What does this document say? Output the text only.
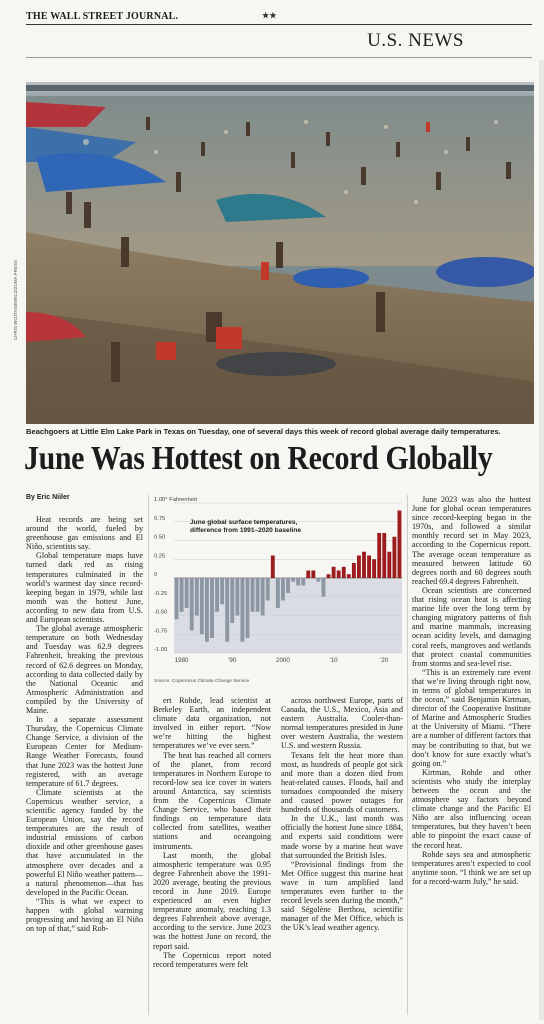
THE WALL STREET JOURNAL.	★★
U.S. NEWS
CHRIS WOJTANIEWICZ/ZUMA PRESS
Beachgoers at Little Elm Lake Park in Texas on Tuesday, one of several days this week of record global average daily temperatures.
June Was Hottest on Record Globally
By Eric Niiler

Heat records are being set around the world, fueled by greenhouse gas emissions and El Niño, scientists say.

Global temperature maps have turned dark red as rising temperatures culminated in the world’s warmest day since record-keeping began in 1979, while last month was the hottest June, according to new data from U.S. and European scientists.

The global average atmospheric temperature on both Wednesday and Tuesday was 62.9 degrees Fahrenheit, breaking the previous record of 62.6 degrees on Monday, according to data collected daily by the National Oceanic and Atmospheric Administration and compiled by the University of Maine.

In a separate assessment Thursday, the Copernicus Climate Change Service, a division of the European Center for Medium-Range Weather Forecasts, found that June 2023 was the hottest June registered, with an average temperature of 61.7 degrees.

Climate scientists at the Copernicus weather service, a scientific agency funded by the European Union, say the record temperatures are the result of industrial emissions of carbon dioxide and other greenhouse gases that have accumulated in the atmosphere over decades and a powerful El Niño weather pattern—a natural phenomenon—that has developed in the Pacific Ocean.

“This is what we expect to happen with global warming progressing and having an El Niño on top of that,” said Rob-

1.00° Fahrenheit
0.75
0.50
0.25
0
-0.25
-0.50
-0.75
-1.00
1980	'90	2000	'10	'20
June global surface temperatures,
difference from 1991–2020 baseline
Source: Copernicus Climate Change Service

ert Rohde, lead scientist at Berkeley Earth, an independent climate data organization, not involved in either report. “Now we’re hitting the highest temperatures we’ve ever seen.”

The heat has reached all corners of the planet, from record temperatures in Northern Europe to record-low sea ice cover in waters around Antarctica, say scientists from the Copernicus Climate Change Service, who based their findings on temperature data collected from satellites, weather stations and oceangoing instruments.

Last month, the global atmospheric temperature was 0.95 degree Fahrenheit above the 1991-2020 average, beating the previous record in June 2019. Europe experienced an even higher temperature anomaly, reaching 1.3 degrees Fahrenheit above average, according to the service. June 2023 was the hottest June on record, the report said.

The Copernicus report noted record temperatures were felt

across northwest Europe, parts of Canada, the U.S., Mexico, Asia and eastern Australia. Cooler-than-normal temperatures presided in June over western Australia, the western U.S. and western Russia.

Texans felt the heat more than most, as hundreds of people got sick and more than a dozen died from heat-related causes. Floods, hail and tornadoes compounded the misery and caused power outages for hundreds of thousands of customers.

In the U.K., last month was officially the hottest June since 1884, and experts said conditions were made worse by a marine heat wave that surrounded the British Isles.

“Provisional findings from the Met Office suggest this marine heat wave in turn amplified land temperatures even further to the record levels seen during the month,” said Ségolène Berthou, scientific manager of the Met Office, which is the UK’s lead weather agency.

June 2023 was also the hottest June for global ocean temperatures since record-keeping began in the 1970s, and followed a similar monthly record set in May 2023, according to the Copernicus report. The average ocean temperature as measured between latitude 60 degrees north and 60 degrees south reached 69.4 degrees Fahrenheit.

Ocean scientists are concerned that rising ocean heat is affecting marine life over the long term by changing migratory patterns of fish and marine mammals, increasing ocean acidity levels, and damaging coral reefs, mangroves and wetlands that protect coastal communities from storms and sea-level rise.

“This is an extremely rare event that we’re living through right now, in terms of global temperatures in the ocean,” said Benjamin Kirtman, director of the Cooperative Institute of Marine and Atmospheric Studies at the University of Miami. “There are a number of different factors that may be contributing to that, but we don’t know for sure exactly what’s going on.”

Kirtman, Rohde and other scientists who study the interplay between the ocean and the atmosphere say factors beyond climate change and the Pacific El Niño are also influencing ocean temperatures, but they haven’t been able to pinpoint the exact cause of the record heat.

Rohde says sea and atmospheric temperatures aren’t expected to cool anytime soon. “I think we are set up for a record-warm July,” he said.
